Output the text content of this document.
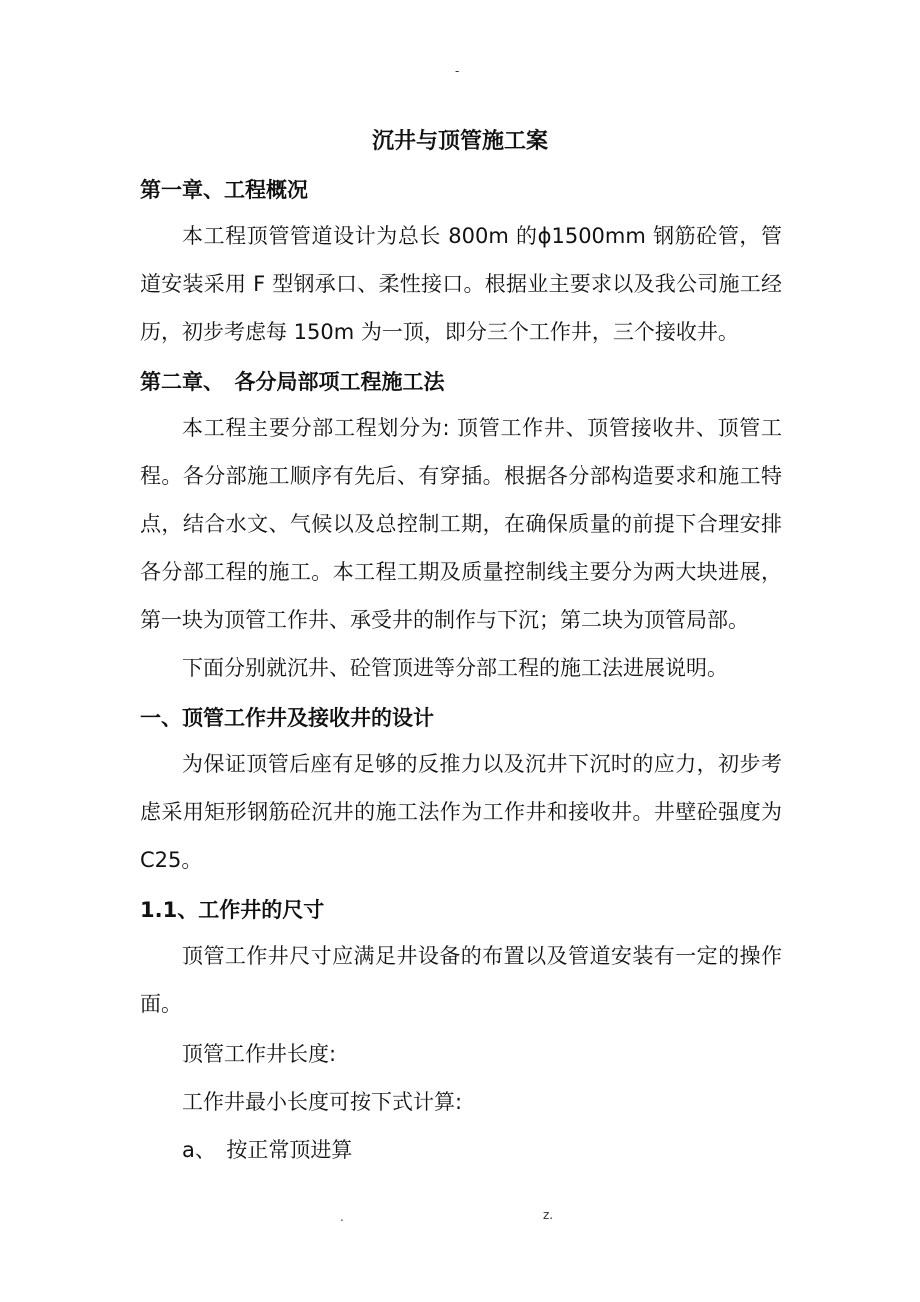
-
沉井与顶管施工案
第一章、工程概况
本工程顶管管道设计为总长 800m 的ϕ1500mm 钢筋砼管，管道安装采用 F 型钢承口、柔性接口。根据业主要求以及我公司施工经历，初步考虑每 150m 为一顶，即分三个工作井，三个接收井。
第二章、　各分局部项工程施工法
本工程主要分部工程划分为: 顶管工作井、顶管接收井、顶管工程。各分部施工顺序有先后、有穿插。根据各分部构造要求和施工特点，结合水文、气候以及总控制工期，在确保质量的前提下合理安排各分部工程的施工。本工程工期及质量控制线主要分为两大块进展，第一块为顶管工作井、承受井的制作与下沉；第二块为顶管局部。
下面分别就沉井、砼管顶进等分部工程的施工法进展说明。
一、顶管工作井及接收井的设计
为保证顶管后座有足够的反推力以及沉井下沉时的应力，初步考虑采用矩形钢筋砼沉井的施工法作为工作井和接收井。井壁砼强度为C25。
1.1、工作井的尺寸
顶管工作井尺寸应满足井设备的布置以及管道安装有一定的操作面。
顶管工作井长度:
工作井最小长度可按下式计算:
a、　按正常顶进算
.	z.
